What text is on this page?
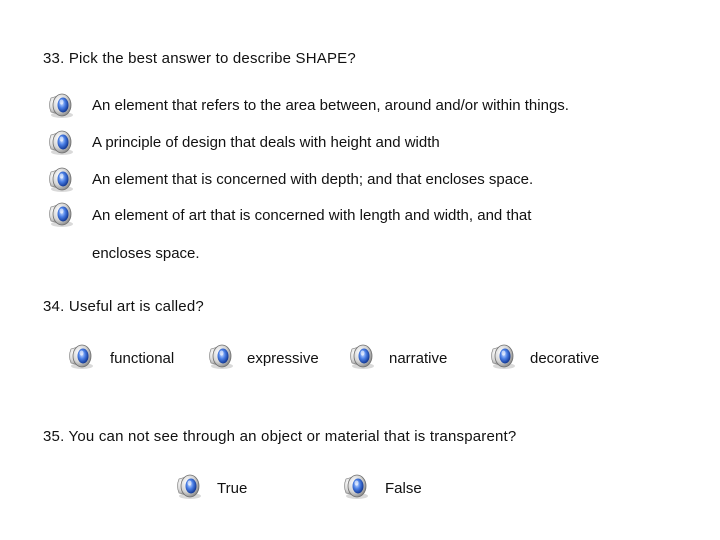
33. Pick the best answer to describe SHAPE?
An element that refers to the area between, around and/or within things.
A principle of design that deals with height and width
An element that is concerned with depth; and that encloses space.
An element of art that is concerned with length and width, and that
encloses space.
34. Useful art is called?
functional	expressive	narrative	decorative
35. You can not see through an object or material that is transparent?
True	False
